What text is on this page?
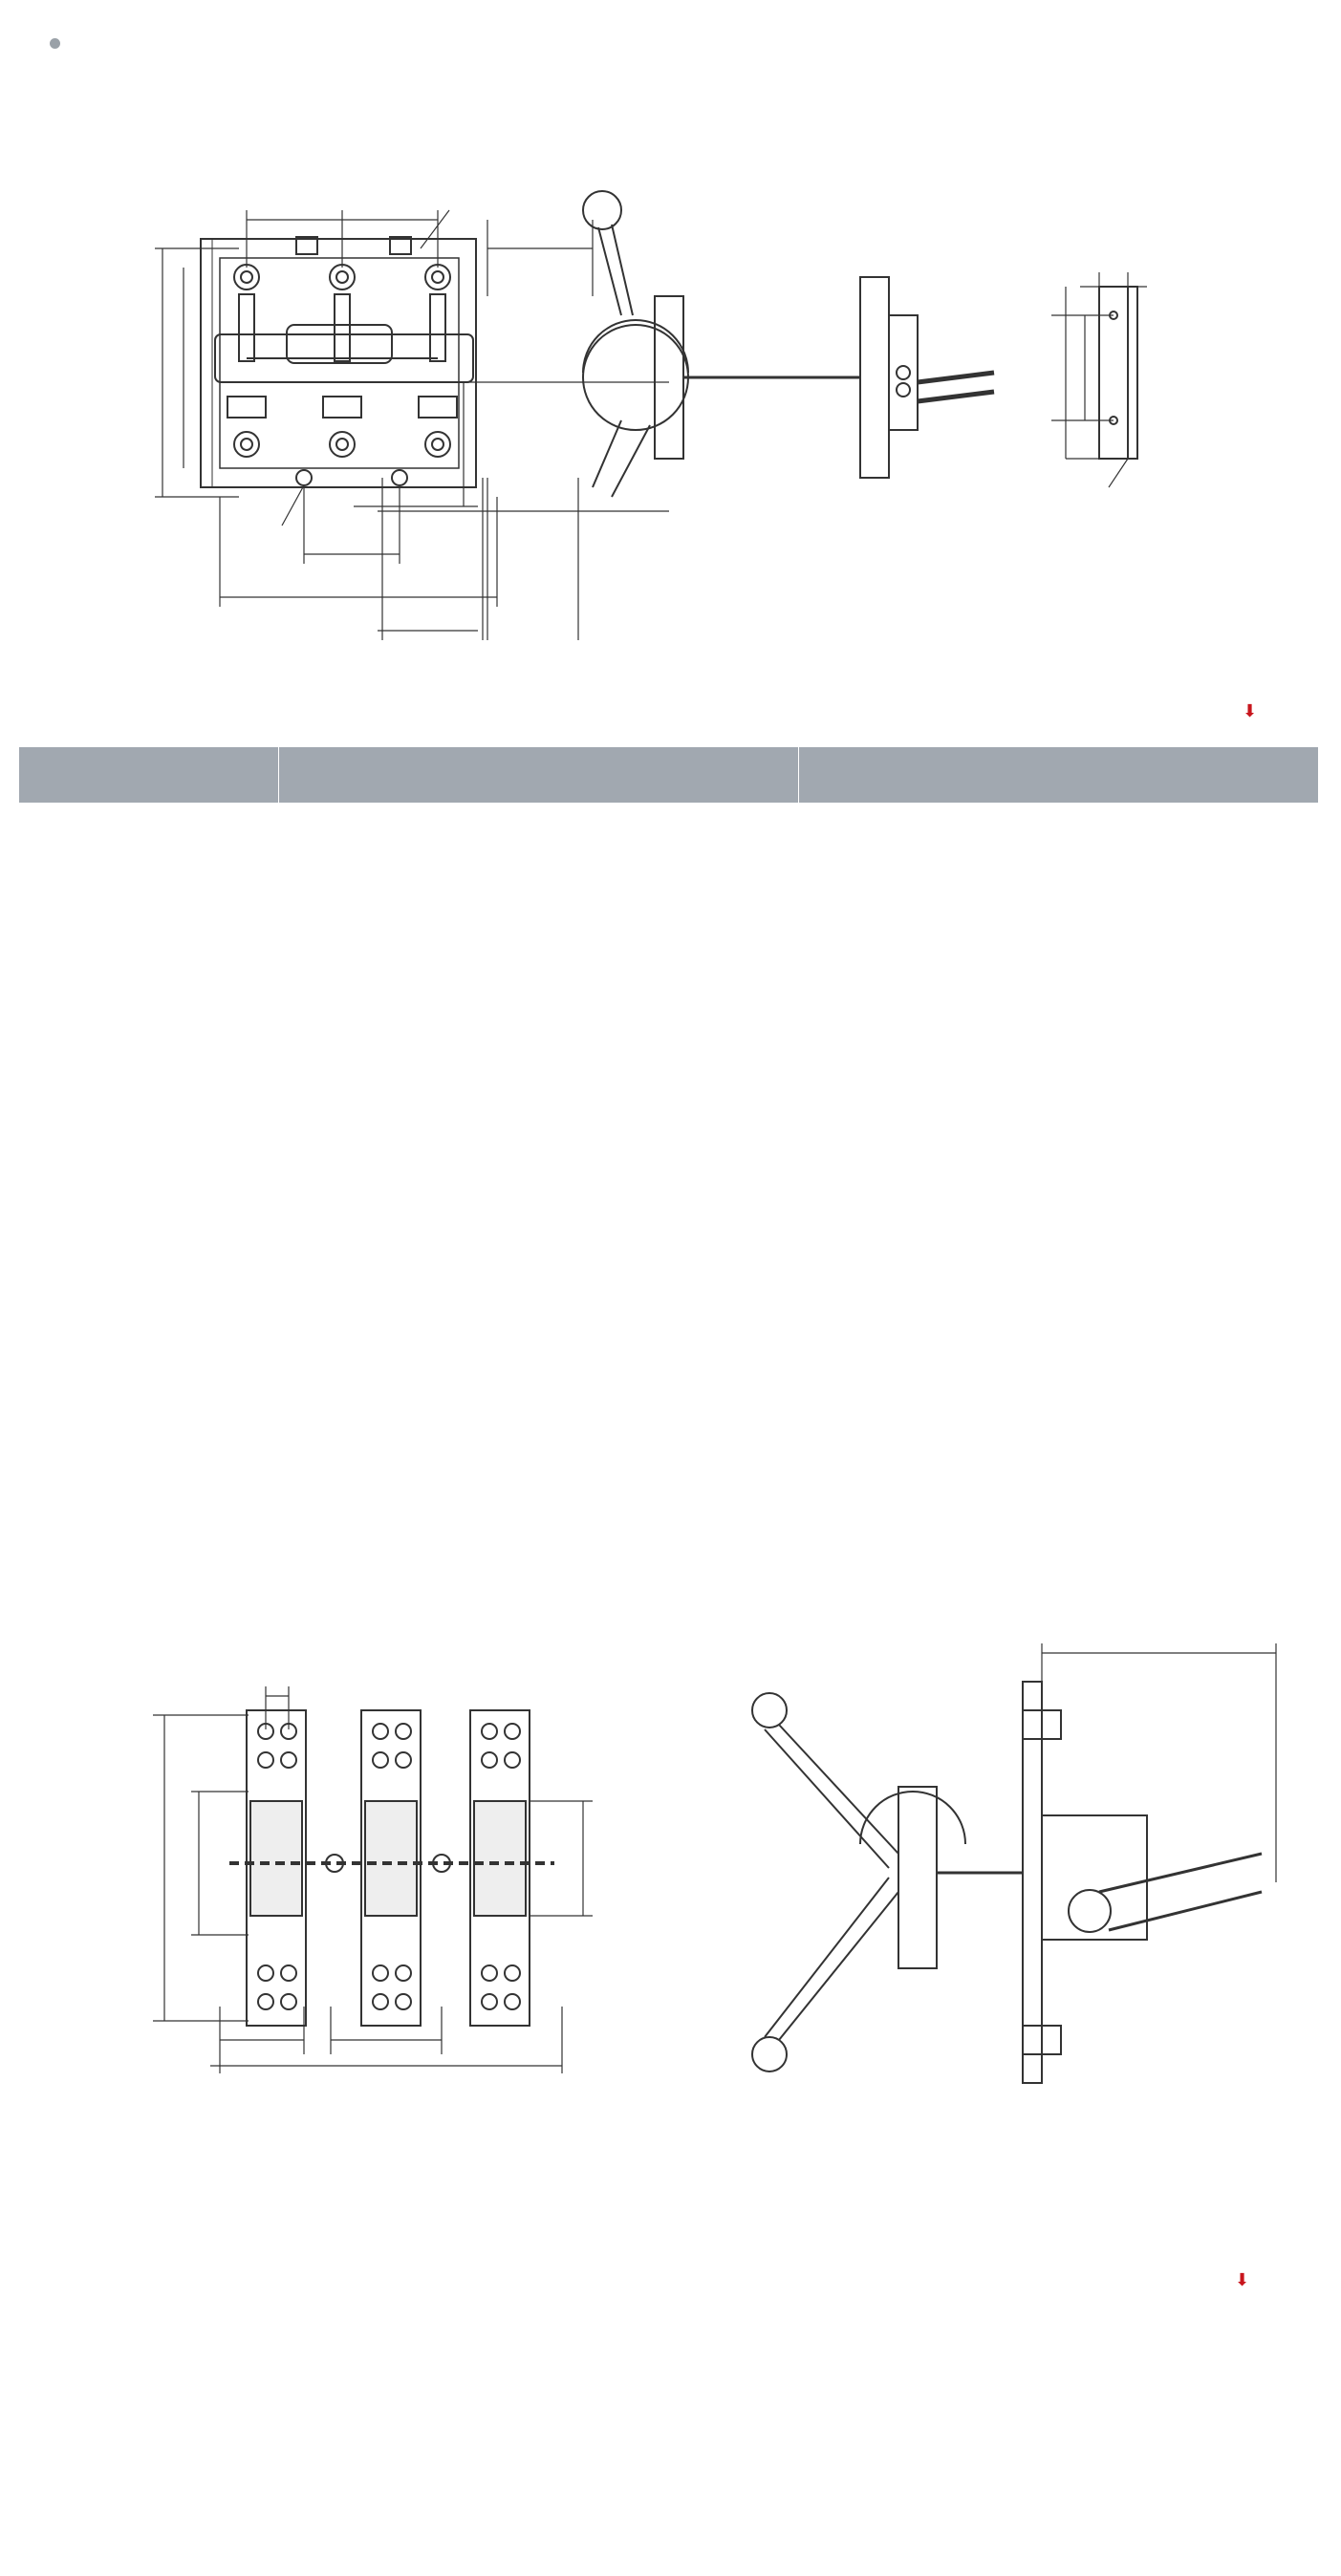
⬇

⬇
